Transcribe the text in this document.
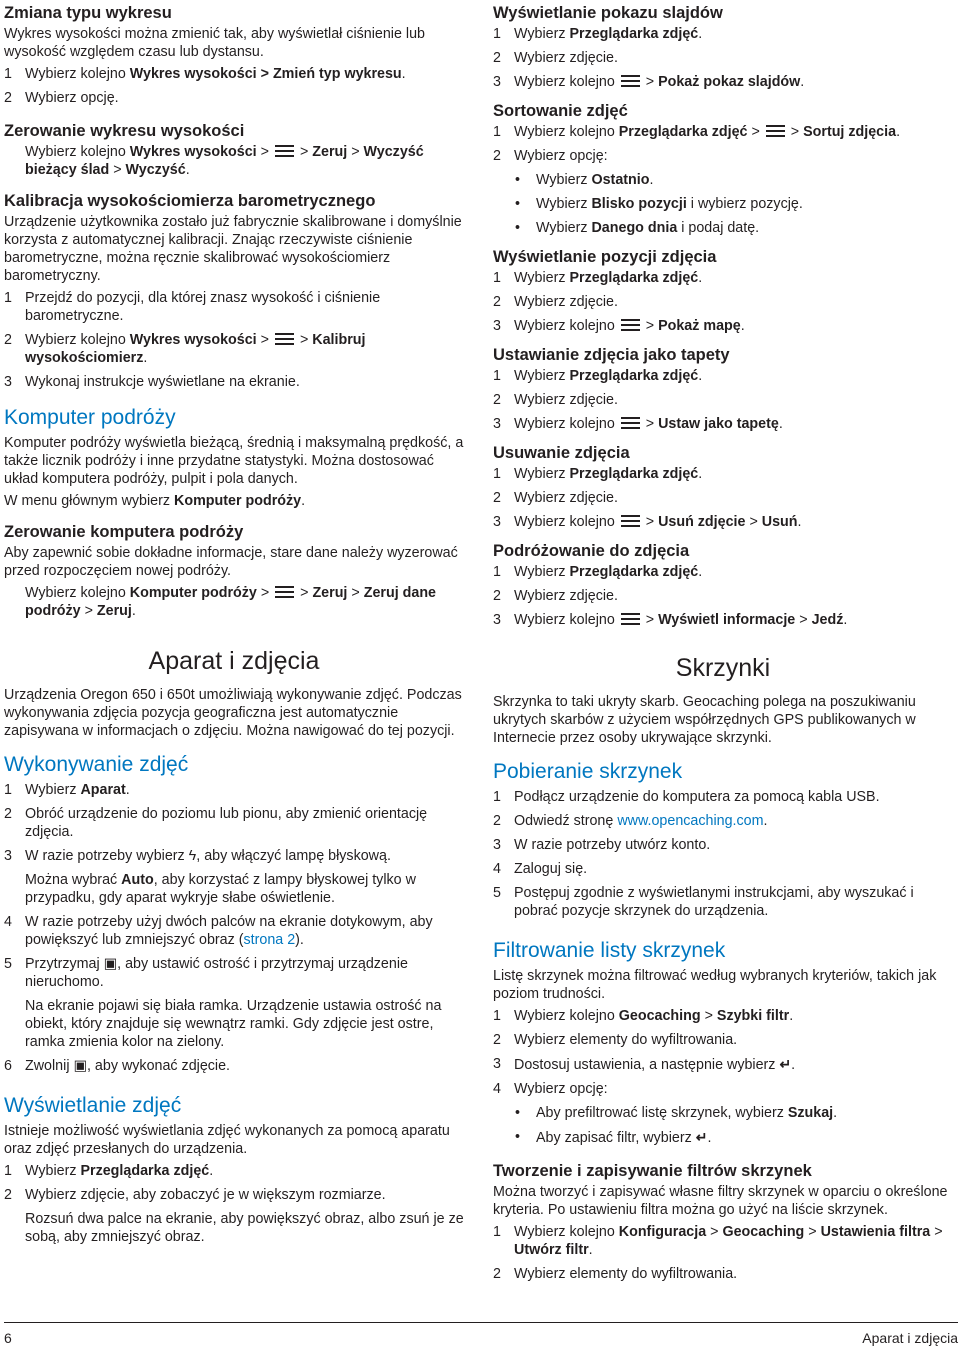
Zmiana typu wykresu
Wykres wysokości można zmienić tak, aby wyświetlał ciśnienie lub wysokość względem czasu lub dystansu.
1 Wybierz kolejno Wykres wysokości > Zmień typ wykresu.
2 Wybierz opcję.
Zerowanie wykresu wysokości
Wybierz kolejno Wykres wysokości >  > Zeruj > Wyczyść bieżący ślad > Wyczyść.
Kalibracja wysokościomierza barometrycznego
Urządzenie użytkownika zostało już fabrycznie skalibrowane i domyślnie korzysta z automatycznej kalibracji. Znając rzeczywiste ciśnienie barometryczne, można ręcznie skalibrować wysokościomierz barometryczny.
1 Przejdź do pozycji, dla której znasz wysokość i ciśnienie barometryczne.
2 Wybierz kolejno Wykres wysokości >  > Kalibruj wysokościomierz.
3 Wykonaj instrukcje wyświetlane na ekranie.
Komputer podróży
Komputer podróży wyświetla bieżącą, średnią i maksymalną prędkość, a także licznik podróży i inne przydatne statystyki. Można dostosować układ komputera podróży, pulpit i pola danych.
W menu głównym wybierz Komputer podróży.
Zerowanie komputera podróży
Aby zapewnić sobie dokładne informacje, stare dane należy wyzerować przed rozpoczęciem nowej podróży.
Wybierz kolejno Komputer podróży >  > Zeruj > Zeruj dane podróży > Zeruj.
Aparat i zdjęcia
Urządzenia Oregon 650 i 650t umożliwiają wykonywanie zdjęć. Podczas wykonywania zdjęcia pozycja geograficzna jest automatycznie zapisywana w informacjach o zdjęciu. Można nawigować do tej pozycji.
Wykonywanie zdjęć
1 Wybierz Aparat.
2 Obróć urządzenie do poziomu lub pionu, aby zmienić orientację zdjęcia.
3 W razie potrzeby wybierz ϟ, aby włączyć lampę błyskową.
Można wybrać Auto, aby korzystać z lampy błyskowej tylko w przypadku, gdy aparat wykryje słabe oświetlenie.
4 W razie potrzeby użyj dwóch palców na ekranie dotykowym, aby powiększyć lub zmniejszyć obraz (strona 2).
5 Przytrzymaj ▣, aby ustawić ostrość i przytrzymaj urządzenie nieruchomo.
Na ekranie pojawi się biała ramka. Urządzenie ustawia ostrość na obiekt, który znajduje się wewnątrz ramki. Gdy zdjęcie jest ostre, ramka zmienia kolor na zielony.
6 Zwolnij ▣, aby wykonać zdjęcie.
Wyświetlanie zdjęć
Istnieje możliwość wyświetlania zdjęć wykonanych za pomocą aparatu oraz zdjęć przesłanych do urządzenia.
1 Wybierz Przeglądarka zdjęć.
2 Wybierz zdjęcie, aby zobaczyć je w większym rozmiarze.
Rozsuń dwa palce na ekranie, aby powiększyć obraz, albo zsuń je ze sobą, aby zmniejszyć obraz.
Wyświetlanie pokazu slajdów
1 Wybierz Przeglądarka zdjęć.
2 Wybierz zdjęcie.
3 Wybierz kolejno  > Pokaż pokaz slajdów.
Sortowanie zdjęć
1 Wybierz kolejno Przeglądarka zdjęć >  > Sortuj zdjęcia.
2 Wybierz opcję:
• Wybierz Ostatnio.
• Wybierz Blisko pozycji i wybierz pozycję.
• Wybierz Danego dnia i podaj datę.
Wyświetlanie pozycji zdjęcia
1 Wybierz Przeglądarka zdjęć.
2 Wybierz zdjęcie.
3 Wybierz kolejno  > Pokaż mapę.
Ustawianie zdjęcia jako tapety
1 Wybierz Przeglądarka zdjęć.
2 Wybierz zdjęcie.
3 Wybierz kolejno  > Ustaw jako tapetę.
Usuwanie zdjęcia
1 Wybierz Przeglądarka zdjęć.
2 Wybierz zdjęcie.
3 Wybierz kolejno  > Usuń zdjęcie > Usuń.
Podróżowanie do zdjęcia
1 Wybierz Przeglądarka zdjęć.
2 Wybierz zdjęcie.
3 Wybierz kolejno  > Wyświetl informacje > Jedź.
Skrzynki
Skrzynka to taki ukryty skarb. Geocaching polega na poszukiwaniu ukrytych skarbów z użyciem współrzędnych GPS publikowanych w Internecie przez osoby ukrywające skrzynki.
Pobieranie skrzynek
1 Podłącz urządzenie do komputera za pomocą kabla USB.
2 Odwiedź stronę www.opencaching.com.
3 W razie potrzeby utwórz konto.
4 Zaloguj się.
5 Postępuj zgodnie z wyświetlanymi instrukcjami, aby wyszukać i pobrać pozycje skrzynek do urządzenia.
Filtrowanie listy skrzynek
Listę skrzynek można filtrować według wybranych kryteriów, takich jak poziom trudności.
1 Wybierz kolejno Geocaching > Szybki filtr.
2 Wybierz elementy do wyfiltrowania.
3 Dostosuj ustawienia, a następnie wybierz ↵.
4 Wybierz opcję:
• Aby prefiltrować listę skrzynek, wybierz Szukaj.
• Aby zapisać filtr, wybierz ↵.
Tworzenie i zapisywanie filtrów skrzynek
Można tworzyć i zapisywać własne filtry skrzynek w oparciu o określone kryteria. Po ustawieniu filtra można go użyć na liście skrzynek.
1 Wybierz kolejno Konfiguracja > Geocaching > Ustawienia filtra > Utwórz filtr.
2 Wybierz elementy do wyfiltrowania.
6	Aparat i zdjęcia
